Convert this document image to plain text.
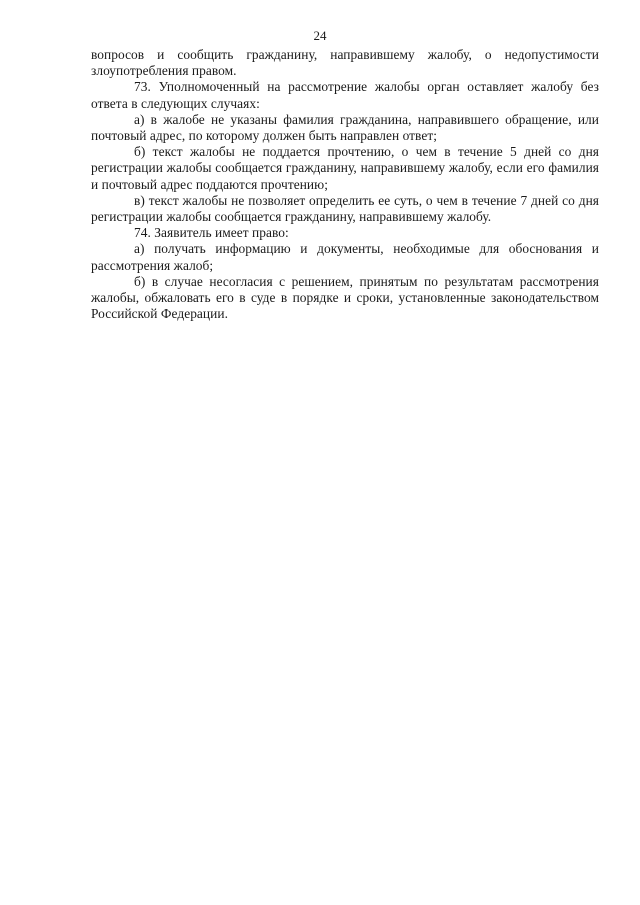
24

вопросов и сообщить гражданину, направившему жалобу, о недопустимости злоупотребления правом.

73. Уполномоченный на рассмотрение жалобы орган оставляет жалобу без ответа в следующих случаях:

а) в жалобе не указаны фамилия гражданина, направившего обращение, или почтовый адрес, по которому должен быть направлен ответ;

б) текст жалобы не поддается прочтению, о чем в течение 5 дней со дня регистрации жалобы сообщается гражданину, направившему жалобу, если его фамилия и почтовый адрес поддаются прочтению;

в) текст жалобы не позволяет определить ее суть, о чем в течение 7 дней со дня регистрации жалобы сообщается гражданину, направившему жалобу.

74. Заявитель имеет право:

а) получать информацию и документы, необходимые для обоснования и рассмотрения жалоб;

б) в случае несогласия с решением, принятым по результатам рассмотрения жалобы, обжаловать его в суде в порядке и сроки, установленные законодательством Российской Федерации.
